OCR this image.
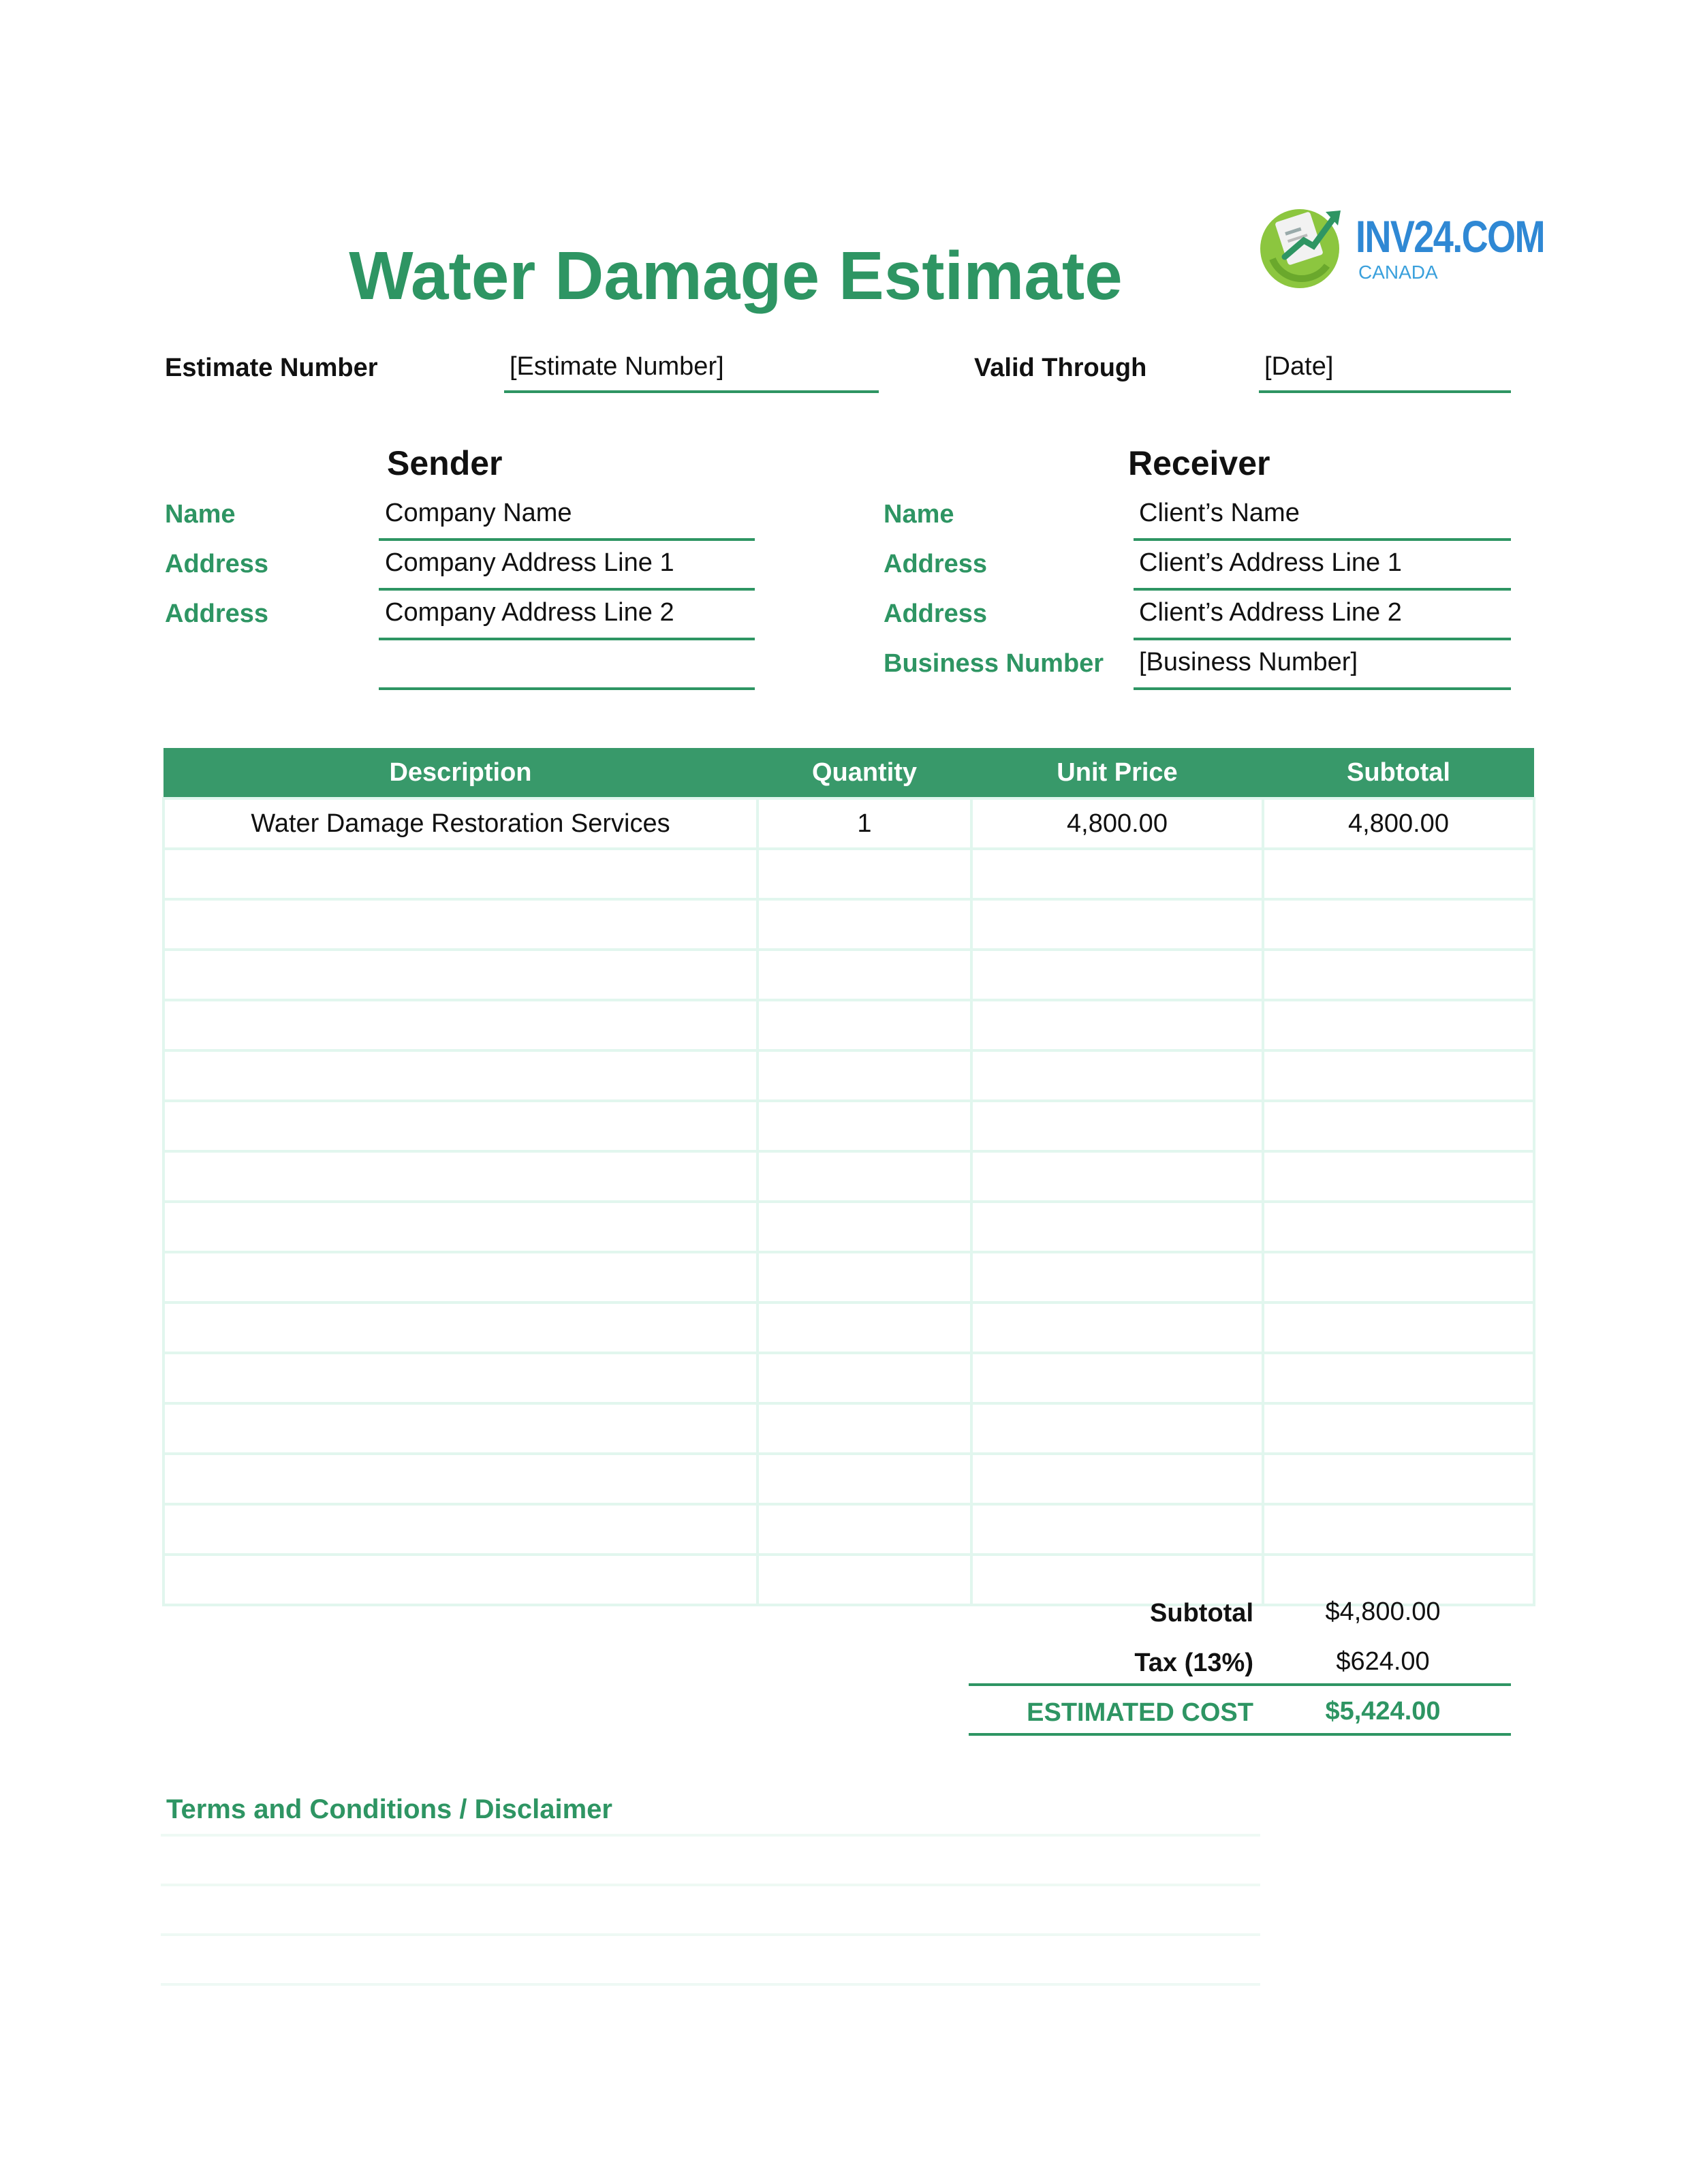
Water Damage Estimate
INV24.COM
CANADA
Estimate Number	[Estimate Number]	Valid Through	[Date]
Sender
Name	Company Name
Address	Company Address Line 1
Address	Company Address Line 2
Receiver
Name	Client’s Name
Address	Client’s Address Line 1
Address	Client’s Address Line 2
Business Number [Business Number]
Description	Quantity	Unit Price	Subtotal
Water Damage Restoration Services	1	4,800.00	4,800.00

Subtotal	$4,800.00
Tax (13%)	$624.00
ESTIMATED COST	$5,424.00
Terms and Conditions / Disclaimer
